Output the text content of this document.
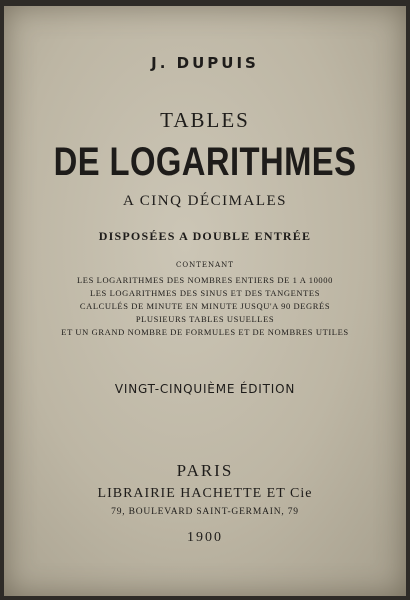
J. DUPUIS
TABLES
DE LOGARITHMES
A CINQ DÉCIMALES
DISPOSÉES A DOUBLE ENTRÉE
CONTENANT
LES LOGARITHMES DES NOMBRES ENTIERS DE 1 A 10000
LES LOGARITHMES DES SINUS ET DES TANGENTES
CALCULÉS DE MINUTE EN MINUTE JUSQU'A 90 DEGRÉS
PLUSIEURS TABLES USUELLES
ET UN GRAND NOMBRE DE FORMULES ET DE NOMBRES UTILES
VINGT-CINQUIÈME ÉDITION
PARIS
LIBRAIRIE HACHETTE ET Cie
79, BOULEVARD SAINT-GERMAIN, 79
1900
